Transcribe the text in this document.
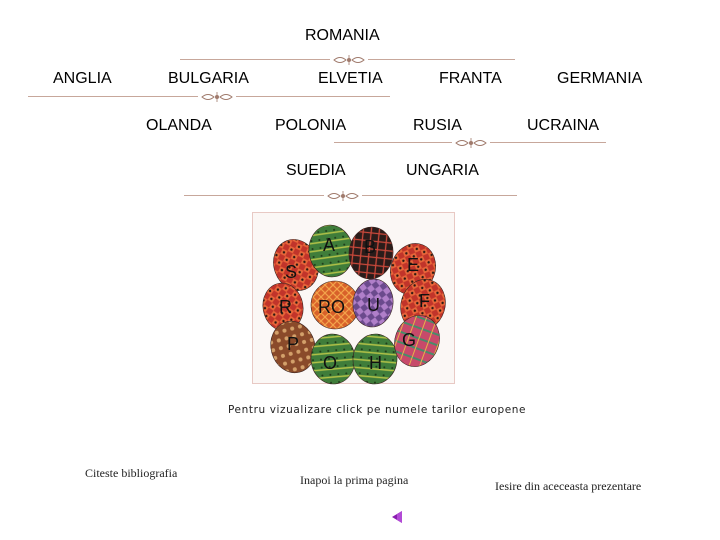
ROMANIA
ANGLIA	BULGARIA	ELVETIA	FRANTA	GERMANIA
OLANDA	POLONIA	RUSIA	UCRAINA
SUEDIA	UNGARIA
A B
S	E
R RO U F
P	G
O H
Pentru vizualizare click pe numele tarilor europene
Citeste bibliografia	Inapoi la prima pagina	Iesire din aceceasta prezentare
